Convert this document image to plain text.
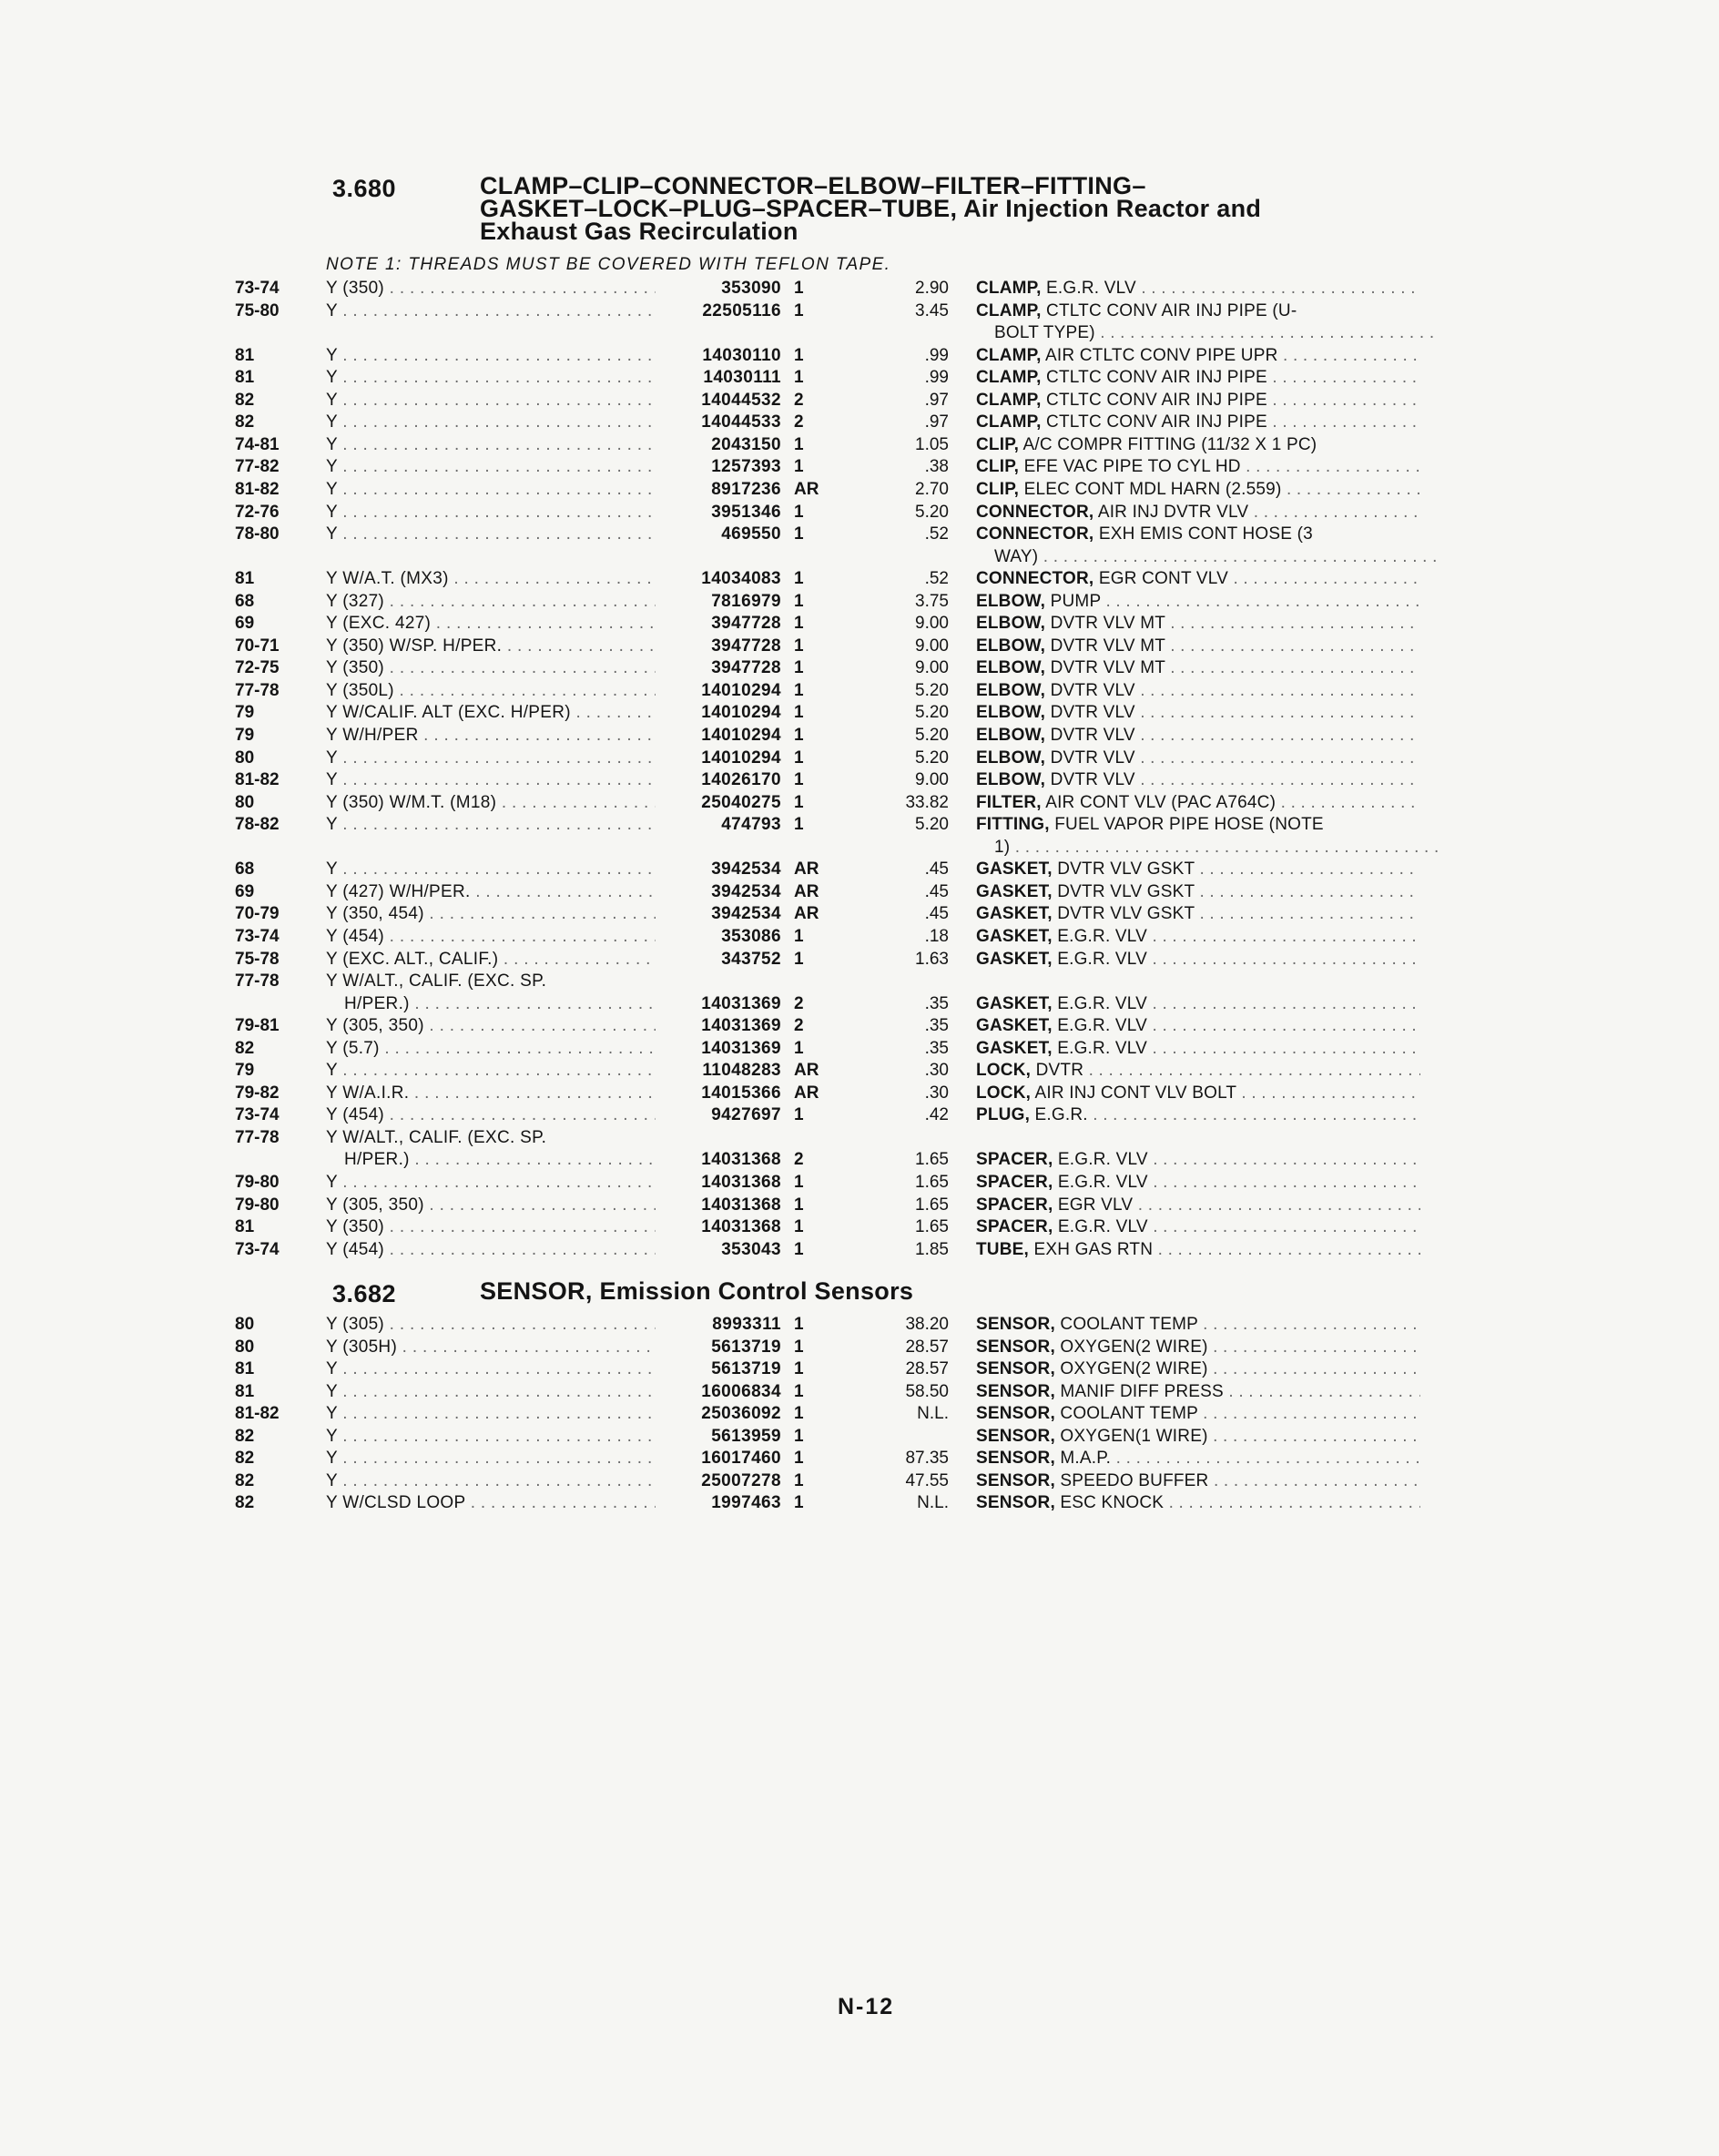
3.680	CLAMP–CLIP–CONNECTOR–ELBOW–FILTER–FITTING–
GASKET–LOCK–PLUG–SPACER–TUBE, Air Injection Reactor and
Exhaust Gas Recirculation
NOTE 1: THREADS MUST BE COVERED WITH TEFLON TAPE.
73-74	Y (350) . . .	353090 1	2.90 CLAMP, E.G.R. VLV . . .
75-80	Y . . .	22505116 1	3.45 CLAMP, CTLTC CONV AIR INJ PIPE (U-
BOLT TYPE) . . .
81	Y . . .	14030110 1	.99 CLAMP, AIR CTLTC CONV PIPE UPR . . .
81	Y . . .	14030111 1	.99 CLAMP, CTLTC CONV AIR INJ PIPE . . .
82	Y . . .	14044532 2	.97 CLAMP, CTLTC CONV AIR INJ PIPE . . .
82	Y . . .	14044533 2	.97 CLAMP, CTLTC CONV AIR INJ PIPE . . .
74-81	Y . . .	2043150 1	1.05 CLIP, A/C COMPR FITTING (11/32 X 1 PC)
77-82	Y . . .	1257393 1	.38 CLIP, EFE VAC PIPE TO CYL HD . . .
81-82	Y . . .	8917236 AR	2.70 CLIP, ELEC CONT MDL HARN (2.559) . . .
72-76	Y . . .	3951346 1	5.20 CONNECTOR, AIR INJ DVTR VLV . . .
78-80	Y . . .	469550 1	.52 CONNECTOR, EXH EMIS CONT HOSE (3
WAY) . . .
81	Y W/A.T. (MX3) . . .	14034083 1	.52 CONNECTOR, EGR CONT VLV . . .
68	Y (327) . . .	7816979 1	3.75 ELBOW, PUMP . . .
69	Y (EXC. 427) . . .	3947728 1	9.00 ELBOW, DVTR VLV MT . . .
70-71	Y (350) W/SP. H/PER. . . .	3947728 1	9.00 ELBOW, DVTR VLV MT . . .
72-75	Y (350) . . .	3947728 1	9.00 ELBOW, DVTR VLV MT . . .
77-78	Y (350L) . . .	14010294 1	5.20 ELBOW, DVTR VLV . . .
79	Y W/CALIF. ALT (EXC. H/PER) . . .	14010294 1	5.20 ELBOW, DVTR VLV . . .
79	Y W/H/PER . . .	14010294 1	5.20 ELBOW, DVTR VLV . . .
80	Y . . .	14010294 1	5.20 ELBOW, DVTR VLV . . .
81-82	Y . . .	14026170 1	9.00 ELBOW, DVTR VLV . . .
80	Y (350) W/M.T. (M18) . . .	25040275 1	33.82 FILTER, AIR CONT VLV (PAC A764C) . . .
78-82	Y . . .	474793 1	5.20 FITTING, FUEL VAPOR PIPE HOSE (NOTE
1) . . .
68	Y . . .	3942534 AR	.45 GASKET, DVTR VLV GSKT . . .
69	Y (427) W/H/PER. . . .	3942534 AR	.45 GASKET, DVTR VLV GSKT . . .
70-79	Y (350, 454) . . .	3942534 AR	.45 GASKET, DVTR VLV GSKT . . .
73-74	Y (454) . . .	353086 1	.18 GASKET, E.G.R. VLV . . .
75-78	Y (EXC. ALT., CALIF.) . . .	343752 1	1.63 GASKET, E.G.R. VLV . . .
77-78	Y W/ALT., CALIF. (EXC. SP.
H/PER.) . . .	14031369 2	.35 GASKET, E.G.R. VLV . . .
79-81	Y (305, 350) . . .	14031369 2	.35 GASKET, E.G.R. VLV . . .
82	Y (5.7) . . .	14031369 1	.35 GASKET, E.G.R. VLV . . .
79	Y . . .	11048283 AR	.30 LOCK, DVTR . . .
79-82	Y W/A.I.R. . . .	14015366 AR	.30 LOCK, AIR INJ CONT VLV BOLT . . .
73-74	Y (454) . . .	9427697 1	.42 PLUG, E.G.R. . . .
77-78	Y W/ALT., CALIF. (EXC. SP.
H/PER.) . . .	14031368 2	1.65 SPACER, E.G.R. VLV . . .
79-80	Y . . .	14031368 1	1.65 SPACER, E.G.R. VLV . . .
79-80	Y (305, 350) . . .	14031368 1	1.65 SPACER, EGR VLV . . .
81	Y (350) . . .	14031368 1	1.65 SPACER, E.G.R. VLV . . .
73-74	Y (454) . . .	353043 1	1.85 TUBE, EXH GAS RTN . . .
3.682	SENSOR, Emission Control Sensors
80	Y (305) . . .	8993311 1	38.20 SENSOR, COOLANT TEMP . . .
80	Y (305H) . . .	5613719 1	28.57 SENSOR, OXYGEN(2 WIRE) . . .
81	Y . . .	5613719 1	28.57 SENSOR, OXYGEN(2 WIRE) . . .
81	Y . . .	16006834 1	58.50 SENSOR, MANIF DIFF PRESS . . .
81-82	Y . . .	25036092 1	N.L. SENSOR, COOLANT TEMP . . .
82	Y . . .	5613959 1	SENSOR, OXYGEN(1 WIRE) . . .
82	Y . . .	16017460 1	87.35 SENSOR, M.A.P. . . .
82	Y . . .	25007278 1	47.55 SENSOR, SPEEDO BUFFER . . .
82	Y W/CLSD LOOP . . .	1997463 1	N.L. SENSOR, ESC KNOCK . . .
N-12
